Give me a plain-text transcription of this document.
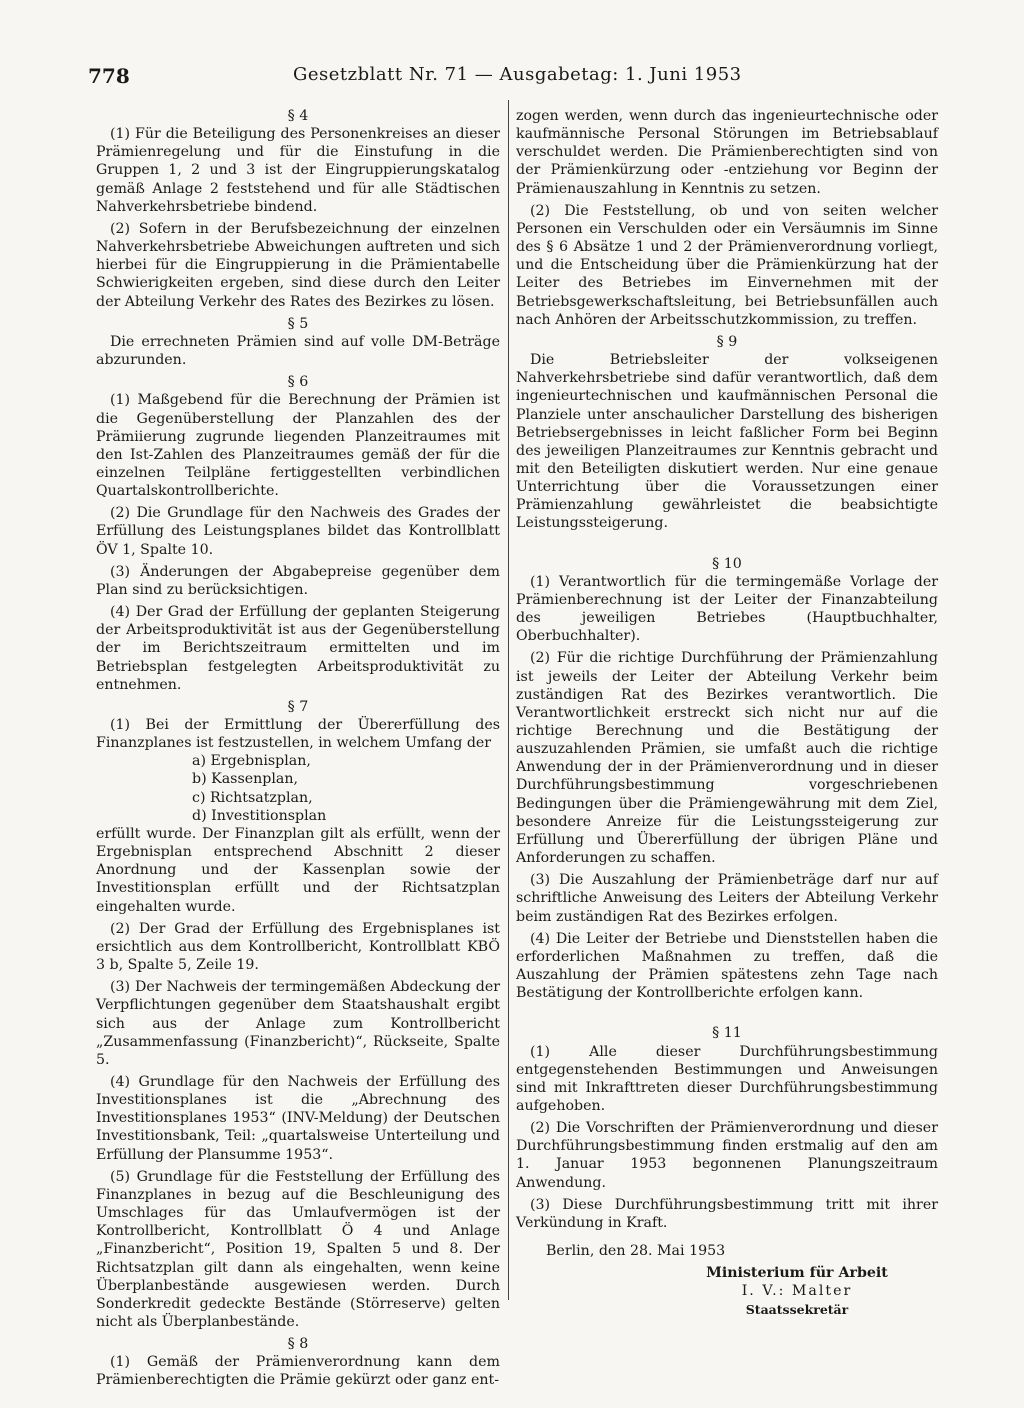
778	Gesetzblatt Nr. 71 — Ausgabetag: 1. Juni 1953
§ 4

(1) Für die Beteiligung des Personenkreises an dieser Prämienregelung und für die Einstufung in die Gruppen 1, 2 und 3 ist der Eingruppierungskatalog gemäß Anlage 2 feststehend und für alle Städtischen Nahverkehrsbetriebe bindend.

(2) Sofern in der Berufsbezeichnung der einzelnen Nahverkehrsbetriebe Abweichungen auftreten und sich hierbei für die Eingruppierung in die Prämientabelle Schwierigkeiten ergeben, sind diese durch den Leiter der Abteilung Verkehr des Rates des Bezirkes zu lösen.

§ 5

Die errechneten Prämien sind auf volle DM-Beträge abzurunden.

§ 6

(1) Maßgebend für die Berechnung der Prämien ist die Gegenüberstellung der Planzahlen des der Prämiierung zugrunde liegenden Planzeitraumes mit den Ist-Zahlen des Planzeitraumes gemäß der für die einzelnen Teilpläne fertiggestellten verbindlichen Quartalskontrollberichte.

(2) Die Grundlage für den Nachweis des Grades der Erfüllung des Leistungsplanes bildet das Kontrollblatt ÖV 1, Spalte 10.

(3) Änderungen der Abgabepreise gegenüber dem Plan sind zu berücksichtigen.

(4) Der Grad der Erfüllung der geplanten Steigerung der Arbeitsproduktivität ist aus der Gegenüberstellung der im Berichtszeitraum ermittelten und im Betriebsplan festgelegten Arbeitsproduktivität zu entnehmen.

§ 7

(1) Bei der Ermittlung der Übererfüllung des Finanzplanes ist festzustellen, in welchem Umfang der

a) Ergebnisplan,
b) Kassenplan,
c) Richtsatzplan,
d) Investitionsplan

erfüllt wurde. Der Finanzplan gilt als erfüllt, wenn der Ergebnisplan entsprechend Abschnitt 2 dieser Anordnung und der Kassenplan sowie der Investitionsplan erfüllt und der Richtsatzplan eingehalten wurde.

(2) Der Grad der Erfüllung des Ergebnisplanes ist ersichtlich aus dem Kontrollbericht, Kontrollblatt KBÖ 3 b, Spalte 5, Zeile 19.

(3) Der Nachweis der termingemäßen Abdeckung der Verpflichtungen gegenüber dem Staatshaushalt ergibt sich aus der Anlage zum Kontrollbericht „Zusammenfassung (Finanzbericht)“, Rückseite, Spalte 5.

(4) Grundlage für den Nachweis der Erfüllung des Investitionsplanes ist die „Abrechnung des Investitionsplanes 1953“ (INV-Meldung) der Deutschen Investitionsbank, Teil: „quartalsweise Unterteilung und Erfüllung der Plansumme 1953“.

(5) Grundlage für die Feststellung der Erfüllung des Finanzplanes in bezug auf die Beschleunigung des Umschlages für das Umlaufvermögen ist der Kontrollbericht, Kontrollblatt Ö 4 und Anlage „Finanzbericht“, Position 19, Spalten 5 und 8. Der Richtsatzplan gilt dann als eingehalten, wenn keine Überplanbestände ausgewiesen werden. Durch Sonderkredit gedeckte Bestände (Störreserve) gelten nicht als Überplanbestände.

§ 8

(1) Gemäß der Prämienverordnung kann dem Prämienberechtigten die Prämie gekürzt oder ganz ent-

zogen werden, wenn durch das ingenieurtechnische oder kaufmännische Personal Störungen im Betriebsablauf verschuldet werden. Die Prämienberechtigten sind von der Prämienkürzung oder -entziehung vor Beginn der Prämienauszahlung in Kenntnis zu setzen.

(2) Die Feststellung, ob und von seiten welcher Personen ein Verschulden oder ein Versäumnis im Sinne des § 6 Absätze 1 und 2 der Prämienverordnung vorliegt, und die Entscheidung über die Prämienkürzung hat der Leiter des Betriebes im Einvernehmen mit der Betriebsgewerkschaftsleitung, bei Betriebsunfällen auch nach Anhören der Arbeitsschutzkommission, zu treffen.

§ 9

Die Betriebsleiter der volkseigenen Nahverkehrsbetriebe sind dafür verantwortlich, daß dem ingenieurtechnischen und kaufmännischen Personal die Planziele unter anschaulicher Darstellung des bisherigen Betriebsergebnisses in leicht faßlicher Form bei Beginn des jeweiligen Planzeitraumes zur Kenntnis gebracht und mit den Beteiligten diskutiert werden. Nur eine genaue Unterrichtung über die Voraussetzungen einer Prämienzahlung gewährleistet die beabsichtigte Leistungssteigerung.

§ 10

(1) Verantwortlich für die termingemäße Vorlage der Prämienberechnung ist der Leiter der Finanzabteilung des jeweiligen Betriebes (Hauptbuchhalter, Oberbuchhalter).

(2) Für die richtige Durchführung der Prämienzahlung ist jeweils der Leiter der Abteilung Verkehr beim zuständigen Rat des Bezirkes verantwortlich. Die Verantwortlichkeit erstreckt sich nicht nur auf die richtige Berechnung und die Bestätigung der auszuzahlenden Prämien, sie umfaßt auch die richtige Anwendung der in der Prämienverordnung und in dieser Durchführungsbestimmung vorgeschriebenen Bedingungen über die Prämiengewährung mit dem Ziel, besondere Anreize für die Leistungssteigerung zur Erfüllung und Übererfüllung der übrigen Pläne und Anforderungen zu schaffen.

(3) Die Auszahlung der Prämienbeträge darf nur auf schriftliche Anweisung des Leiters der Abteilung Verkehr beim zuständigen Rat des Bezirkes erfolgen.

(4) Die Leiter der Betriebe und Dienststellen haben die erforderlichen Maßnahmen zu treffen, daß die Auszahlung der Prämien spätestens zehn Tage nach Bestätigung der Kontrollberichte erfolgen kann.

§ 11

(1) Alle dieser Durchführungsbestimmung entgegenstehenden Bestimmungen und Anweisungen sind mit Inkrafttreten dieser Durchführungsbestimmung aufgehoben.

(2) Die Vorschriften der Prämienverordnung und dieser Durchführungsbestimmung finden erstmalig auf den am 1. Januar 1953 begonnenen Planungszeitraum Anwendung.

(3) Diese Durchführungsbestimmung tritt mit ihrer Verkündung in Kraft.

Berlin, den 28. Mai 1953

Ministerium für Arbeit
I. V.: Malter
Staatssekretär
